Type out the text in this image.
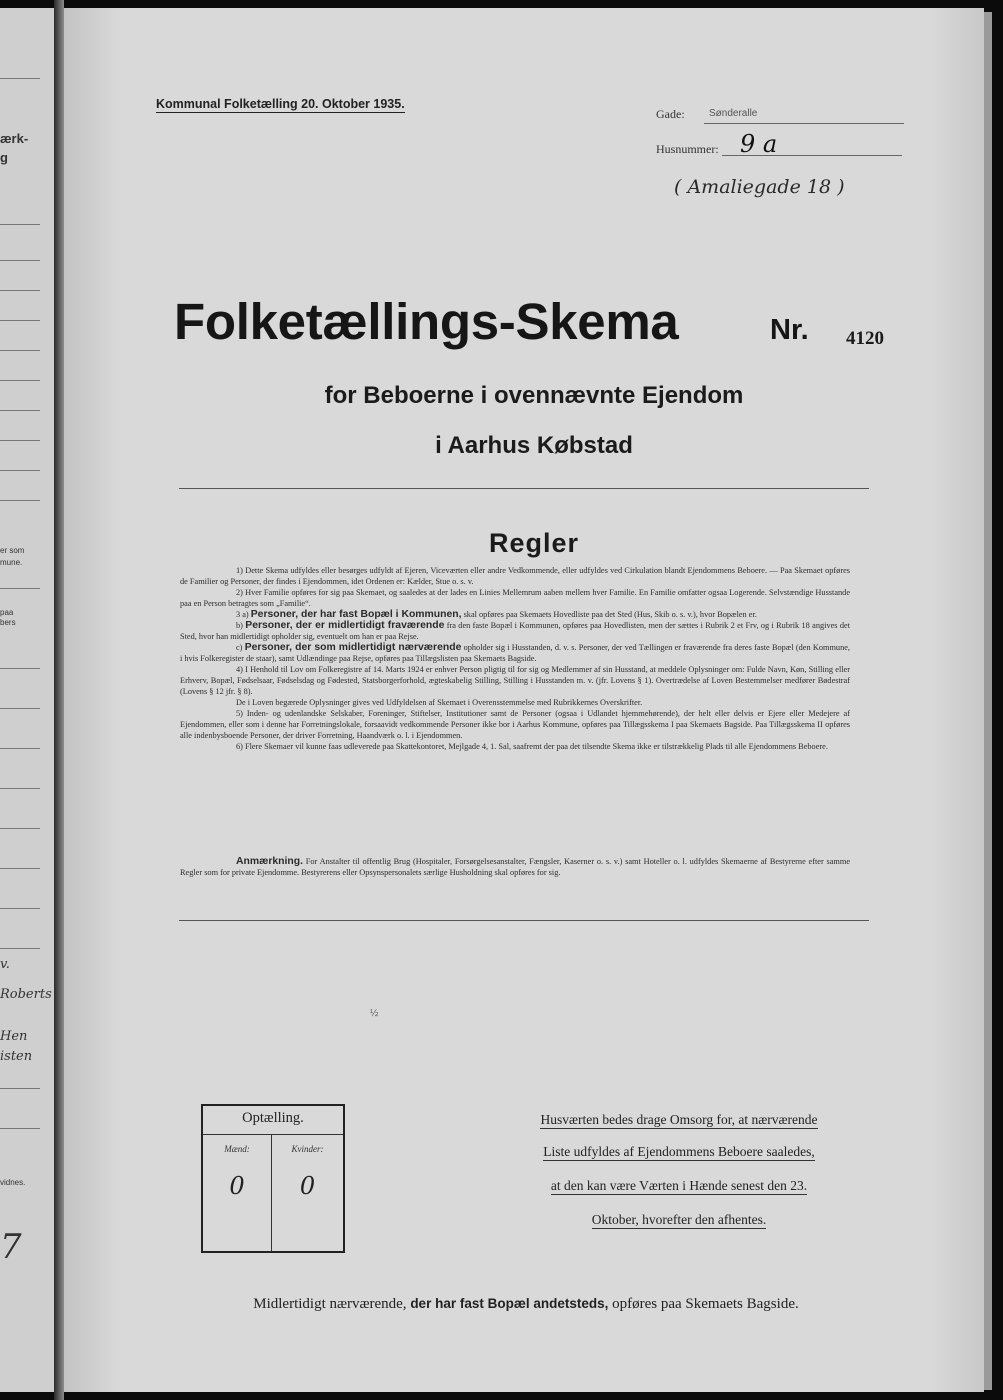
ærk-
g
er som
mune.
paa
bers
v.
Roberts
Hen
isten
vidnes.
7
Kommunal Folketælling 20. Oktober 1935.
Gade: Sønderalle
Husnummer: 9 a
( Amaliegade 18 )
Folketællings-Skema	Nr. 4120
for Beboerne i ovennævnte Ejendom
i Aarhus Købstad
Regler

1) Dette Skema udfyldes eller besørges udfyldt af Ejeren, Viceværten eller andre Vedkommende, eller udfyldes ved Cirkulation blandt Ejendommens Beboere. — Paa Skemaet opføres de Familier og Personer, der findes i Ejendommen, idet Ordenen er: Kælder, Stue o. s. v.

2) Hver Familie opføres for sig paa Skemaet, og saaledes at der lades en Linies Mellemrum aaben mellem hver Familie. En Familie omfatter ogsaa Logerende. Selvstændige Husstande paa en Person betragtes som „Familie“.

3 a) Personer, der har fast Bopæl i Kommunen, skal opføres paa Skemaets Hovedliste paa det Sted (Hus, Skib o. s. v.), hvor Bopælen er.

b) Personer, der er midlertidigt fraværende fra den faste Bopæl i Kommunen, opføres paa Hovedlisten, men der sættes i Rubrik 2 et Frv, og i Rubrik 18 angives det Sted, hvor han midlertidigt opholder sig, eventuelt om han er paa Rejse.

c) Personer, der som midlertidigt nærværende opholder sig i Husstanden, d. v. s. Personer, der ved Tællingen er fraværende fra deres faste Bopæl (den Kommune, i hvis Folkeregister de staar), samt Udlændinge paa Rejse, opføres paa Tillægslisten paa Skemaets Bagside.

4) I Henhold til Lov om Folkeregistre af 14. Marts 1924 er enhver Person pligtig til for sig og Medlemmer af sin Husstand, at meddele Oplysninger om: Fulde Navn, Køn, Stilling eller Erhverv, Bopæl, Fødselsaar, Fødselsdag og Fødested, Statsborgerforhold, ægteskabelig Stilling, Stilling i Husstanden m. v. (jfr. Lovens § 1). Overtrædelse af Loven Bestemmelser medfører Bødestraf (Lovens § 12 jfr. § 8).

De i Loven begærede Oplysninger gives ved Udfyldelsen af Skemaet i Overensstemmelse med Rubrikkernes Overskrifter.

5) Inden- og udenlandske Selskaber, Foreninger, Stiftelser, Institutioner samt de Personer (ogsaa i Udlandet hjemmehørende), der helt eller delvis er Ejere eller Medejere af Ejendommen, eller som i denne har Forretningslokale, forsaavidt vedkommende Personer ikke bor i Aarhus Kommune, opføres paa Tillægsskema I paa Skemaets Bagside. Paa Tillægsskema II opføres alle indenbysboende Personer, der driver Forretning, Haandværk o. l. i Ejendommen.

6) Flere Skemaer vil kunne faas udleverede paa Skattekontoret, Mejlgade 4, 1. Sal, saafremt der paa det tilsendte Skema ikke er tilstrækkelig Plads til alle Ejendommens Beboere.

Anmærkning. For Anstalter til offentlig Brug (Hospitaler, Forsørgelsesanstalter, Fængsler, Kaserner o. s. v.) samt Hoteller o. l. udfyldes Skemaerne af Bestyrerne efter samme Regler som for private Ejendomme. Bestyrerens eller Opsynspersonalets særlige Husholdning skal opføres for sig.

½
Optælling.
Mænd:	Kvinder:
0	0
Husværten bedes drage Omsorg for, at nærværende
Liste udfyldes af Ejendommens Beboere saaledes,
at den kan være Værten i Hænde senest den 23.
Oktober, hvorefter den afhentes.
Midlertidigt nærværende, der har fast Bopæl andetsteds, opføres paa Skemaets Bagside.
